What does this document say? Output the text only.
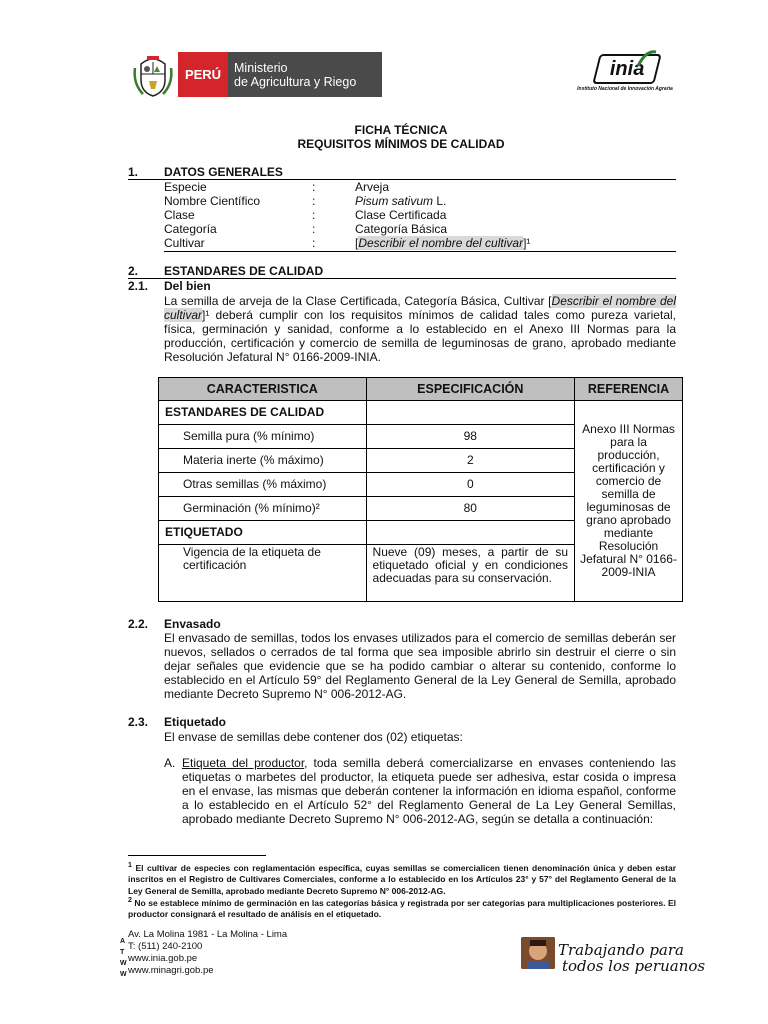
PERÚ	Ministerio
de Agricultura y Riego
inia
Instituto Nacional de Innovación Agraria
FICHA TÉCNICA
REQUISITOS MÍNIMOS DE CALIDAD
1. DATOS GENERALES
Especie	:	Arveja
Nombre Científico	:	Pisum sativum L.
Clase	:	Clase Certificada
Categoría	:	Categoría Básica
Cultivar	:	[Describir el nombre del cultivar]¹
2. ESTANDARES DE CALIDAD
2.1. Del bien
La semilla de arveja de la Clase Certificada, Categoría Básica, Cultivar [Describir el nombre del cultivar]¹ deberá cumplir con los requisitos mínimos de calidad tales como pureza varietal, física, germinación y sanidad, conforme a lo establecido en el Anexo III Normas para la producción, certificación y comercio de semilla de leguminosas de grano, aprobado mediante Resolución Jefatural N° 0166-2009-INIA.
CARACTERISTICA	ESPECIFICACIÓN	REFERENCIA
ESTANDARES DE CALIDAD		Anexo III Normas para la producción, certificación y comercio de semilla de leguminosas de grano aprobado mediante Resolución Jefatural N° 0166-2009-INIA
Semilla pura (% mínimo)	98	
Materia inerte (% máximo)	2	
Otras semillas (% máximo)	0	
Germinación (% mínimo)²	80	
ETIQUETADO		
Vigencia de la etiqueta de certificación	Nueve (09) meses, a partir de su etiquetado oficial y en condiciones adecuadas para su conservación.	
2.2. Envasado
El envasado de semillas, todos los envases utilizados para el comercio de semillas deberán ser nuevos, sellados o cerrados de tal forma que sea imposible abrirlo sin destruir el cierre o sin dejar señales que evidencie que se ha podido cambiar o alterar su contenido, conforme lo establecido en el Artículo 59° del Reglamento General de la Ley General de Semilla, aprobado mediante Decreto Supremo N° 006-2012-AG.
2.3. Etiquetado
El envase de semillas debe contener dos (02) etiquetas:
A. Etiqueta del productor, toda semilla deberá comercializarse en envases conteniendo las etiquetas o marbetes del productor, la etiqueta puede ser adhesiva, estar cosida o impresa en el envase, las mismas que deberán contener la información en idioma español, conforme a lo establecido en el Artículo 52° del Reglamento General de La Ley General Semillas, aprobado mediante Decreto Supremo N° 006-2012-AG, según se detalla a continuación:
$^1$ El cultivar de especies con reglamentación específica, cuyas semillas se comercialicen tienen denominación única y deben estar inscritos en el Registro de Cultivares Comerciales, conforme a lo establecido en los Artículos 23° y 57° del Reglamento General de la Ley General de Semilla, aprobado mediante Decreto Supremo N° 006-2012-AG.
$^2$ No se establece mínimo de germinación en las categorías básica y registrada por ser categorías para multiplicaciones posteriores. El productor consignará el resultado de análisis en el etiquetado.
A
T
W
W
Av. La Molina 1981 - La Molina - Lima
T: (511) 240-2100
www.inia.gob.pe
www.minagri.gob.pe
Trabajando para
todos los peruanos
